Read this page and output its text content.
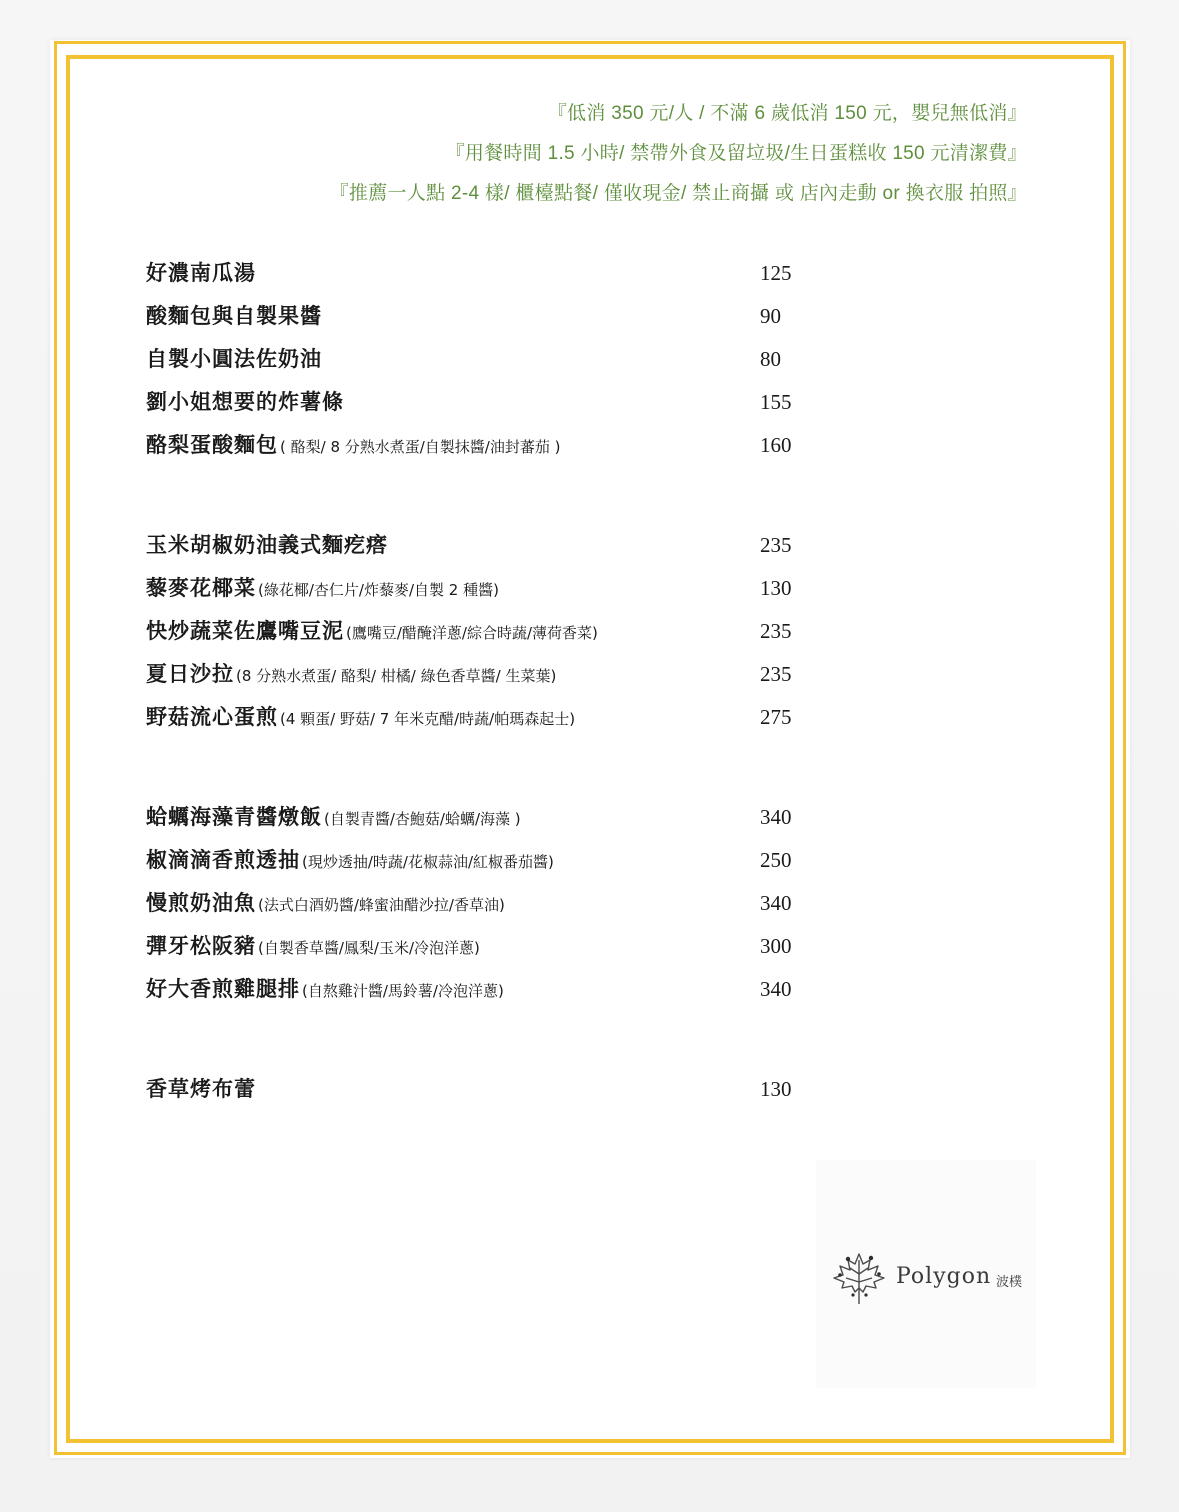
『低消 350 元/人 / 不滿 6 歲低消 150 元，嬰兒無低消』
『用餐時間 1.5 小時/ 禁帶外食及留垃圾/生日蛋糕收 150 元清潔費』
『推薦一人點 2-4 樣/ 櫃檯點餐/ 僅收現金/ 禁止商攝 或 店內走動 or 換衣服 拍照』
好濃南瓜湯	125
酸麵包與自製果醬	90
自製小圓法佐奶油	80
劉小姐想要的炸薯條	155
酪梨蛋酸麵包 ( 酪梨/ 8 分熟水煮蛋/自製抹醬/油封蕃茄 )	160
玉米胡椒奶油義式麵疙瘩	235
藜麥花椰菜 (綠花椰/杏仁片/炸藜麥/自製 2 種醬)	130
快炒蔬菜佐鷹嘴豆泥 (鷹嘴豆/醋醃洋蔥/綜合時蔬/薄荷香菜)	235
夏日沙拉 (8 分熟水煮蛋/ 酪梨/ 柑橘/ 綠色香草醬/ 生菜葉)	235
野菇流心蛋煎 (4 顆蛋/ 野菇/ 7 年米克醋/時蔬/帕瑪森起士)	275
蛤蠣海藻青醬燉飯 (自製青醬/杏鮑菇/蛤蠣/海藻 )	340
椒滴滴香煎透抽 (現炒透抽/時蔬/花椒蒜油/紅椒番茄醬)	250
慢煎奶油魚 (法式白酒奶醬/蜂蜜油醋沙拉/香草油)	340
彈牙松阪豬 (自製香草醬/鳳梨/玉米/冷泡洋蔥)	300
好大香煎雞腿排 (自熬雞汁醬/馬鈴薯/冷泡洋蔥)	340
香草烤布蕾	130
Polygon 波樸
